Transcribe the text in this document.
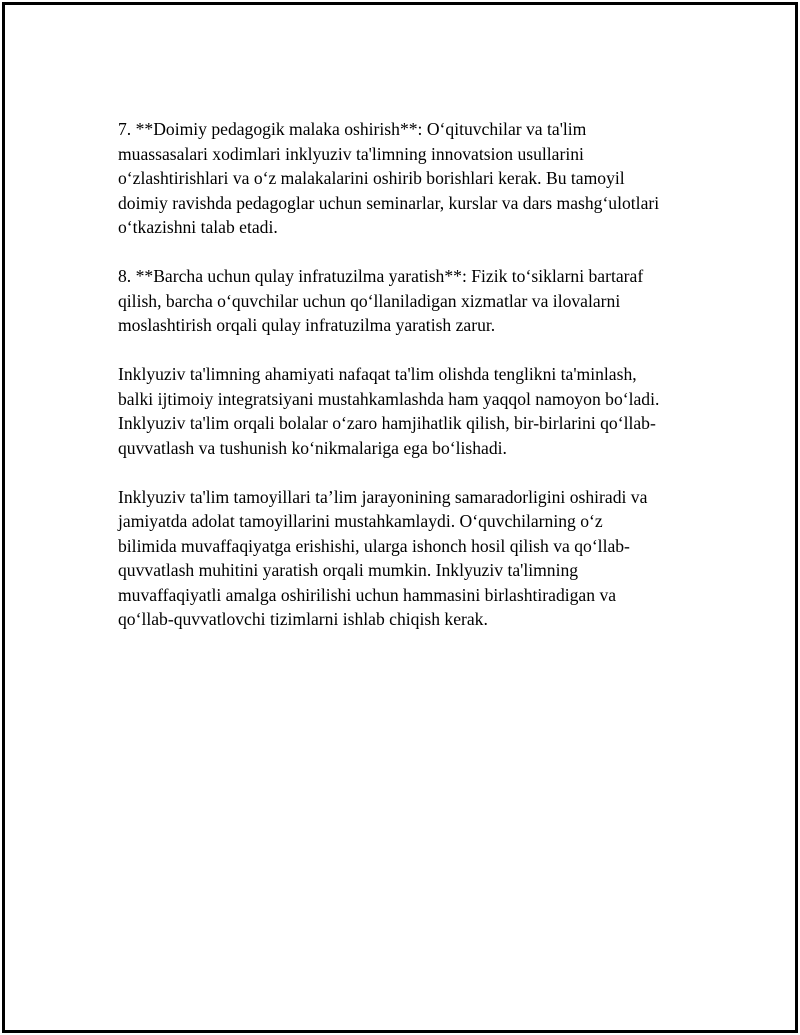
7. **Doimiy pedagogik malaka oshirish**: O‘qituvchilar va ta'lim
muassasalari xodimlari inklyuziv ta'limning innovatsion usullarini
o‘zlashtirishlari va o‘z malakalarini oshirib borishlari kerak. Bu tamoyil
doimiy ravishda pedagoglar uchun seminarlar, kurslar va dars mashg‘ulotlari
o‘tkazishni talab etadi.

8. **Barcha uchun qulay infratuzilma yaratish**: Fizik to‘siklarni bartaraf
qilish, barcha o‘quvchilar uchun qo‘llaniladigan xizmatlar va ilovalarni
moslashtirish orqali qulay infratuzilma yaratish zarur.

Inklyuziv ta'limning ahamiyati nafaqat ta'lim olishda tenglikni ta'minlash,
balki ijtimoiy integratsiyani mustahkamlashda ham yaqqol namoyon bo‘ladi.
Inklyuziv ta'lim orqali bolalar o‘zaro hamjihatlik qilish, bir-birlarini qo‘llab-
quvvatlash va tushunish ko‘nikmalariga ega bo‘lishadi.

Inklyuziv ta'lim tamoyillari ta’lim jarayonining samaradorligini oshiradi va
jamiyatda adolat tamoyillarini mustahkamlaydi. O‘quvchilarning o‘z
bilimida muvaffaqiyatga erishishi, ularga ishonch hosil qilish va qo‘llab-
quvvatlash muhitini yaratish orqali mumkin. Inklyuziv ta'limning
muvaffaqiyatli amalga oshirilishi uchun hammasini birlashtiradigan va
qo‘llab-quvvatlovchi tizimlarni ishlab chiqish kerak.
